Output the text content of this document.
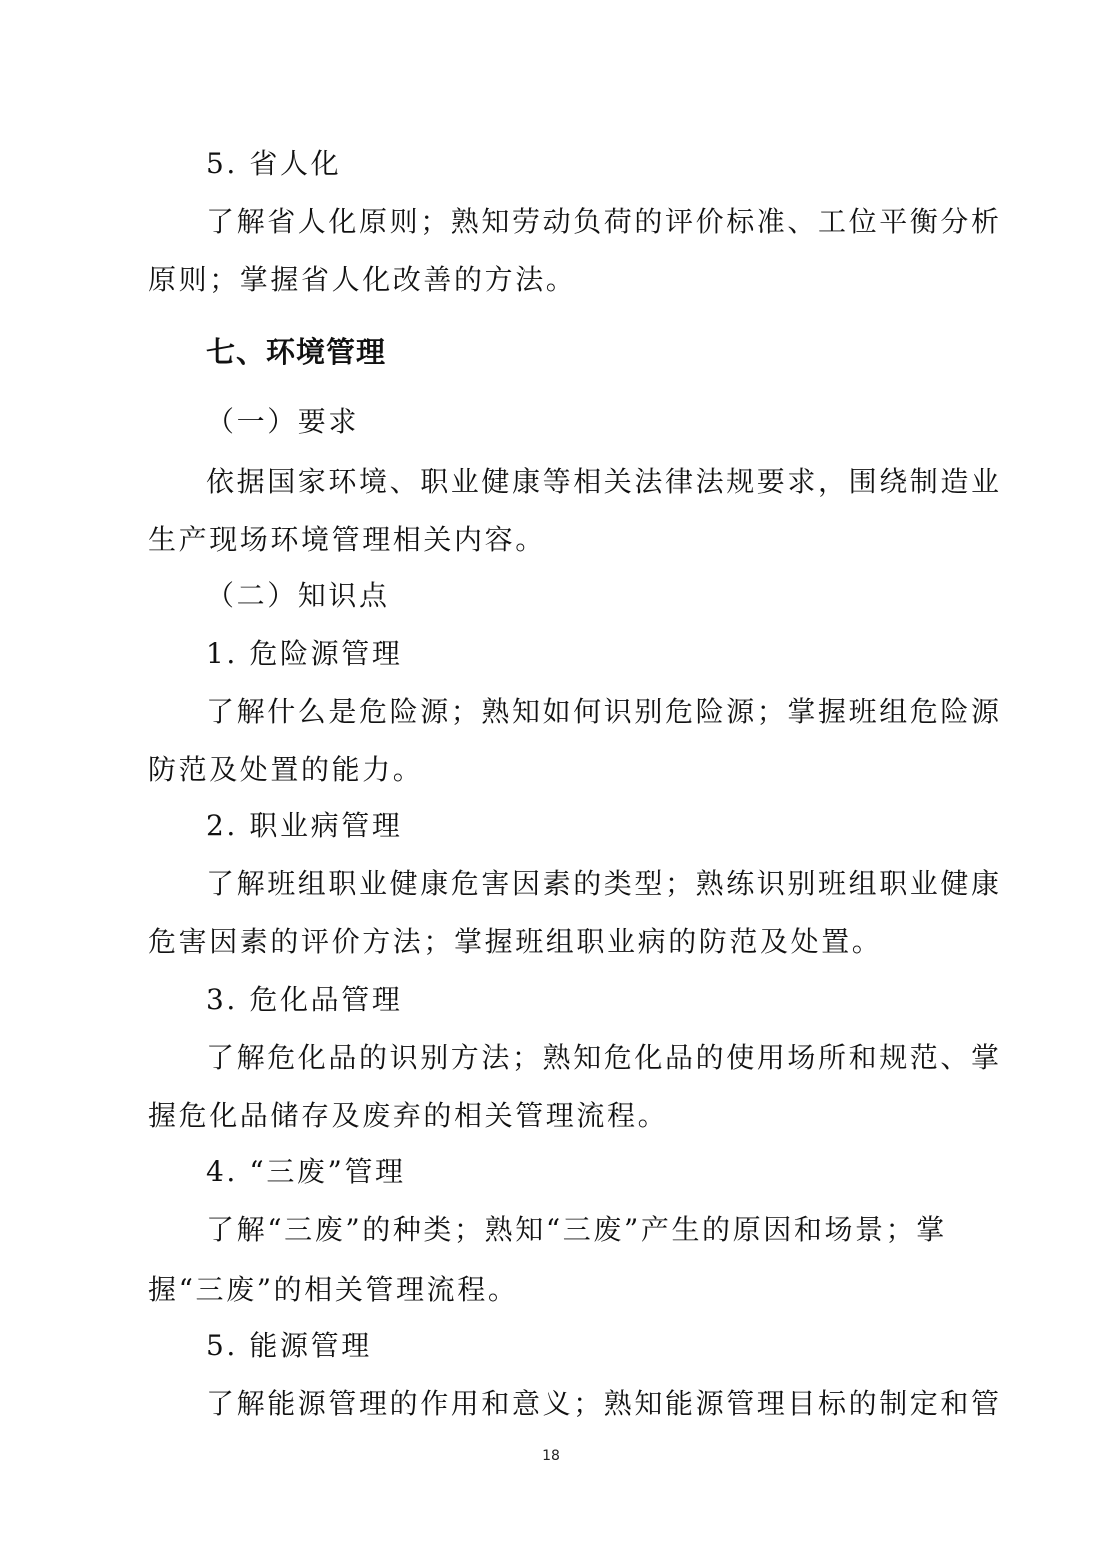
5. 省人化
了解省人化原则；熟知劳动负荷的评价标准、工位平衡分析
原则；掌握省人化改善的方法。
七、环境管理
（一）要求
依据国家环境、职业健康等相关法律法规要求，围绕制造业
生产现场环境管理相关内容。
（二）知识点
1. 危险源管理
了解什么是危险源；熟知如何识别危险源；掌握班组危险源
防范及处置的能力。
2. 职业病管理
了解班组职业健康危害因素的类型；熟练识别班组职业健康
危害因素的评价方法；掌握班组职业病的防范及处置。
3. 危化品管理
了解危化品的识别方法；熟知危化品的使用场所和规范、掌
握危化品储存及废弃的相关管理流程。
4. “三废”管理
了解“三废”的种类；熟知“三废”产生的原因和场景；掌
握“三废”的相关管理流程。
5. 能源管理
了解能源管理的作用和意义；熟知能源管理目标的制定和管
18
